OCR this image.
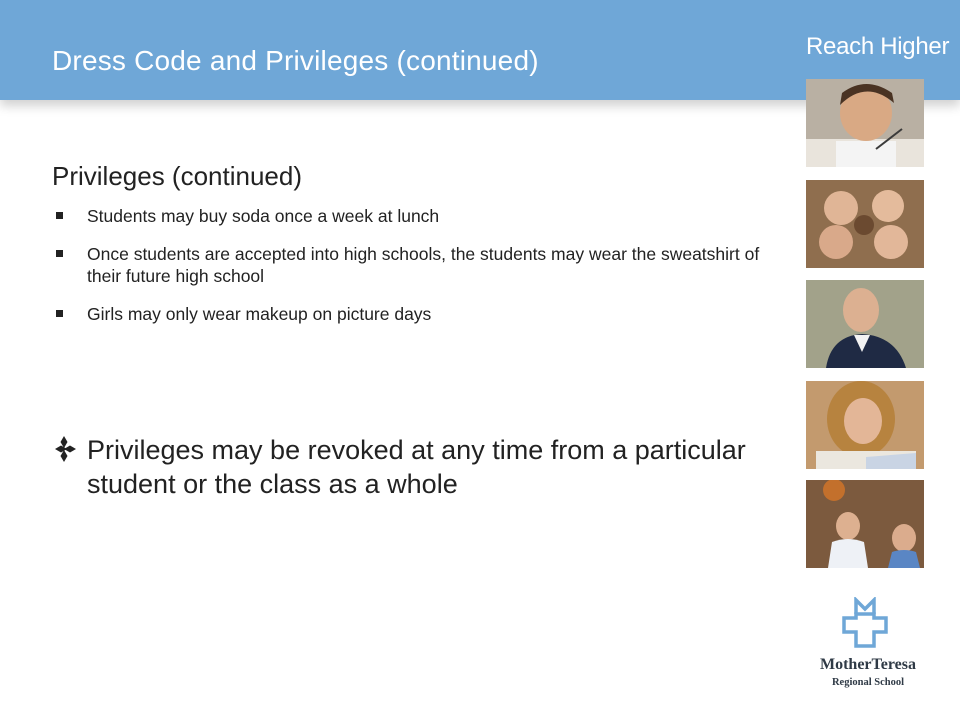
Dress Code and Privileges (continued)	Reach Higher
Privileges (continued)
Students may buy soda once a week at lunch
Once students are accepted into high schools, the students may wear the sweatshirt of their future high school
Girls may only wear makeup on picture days
Privileges may be revoked at any time from a particular student or the class as a whole
MotherTeresa
Regional School
